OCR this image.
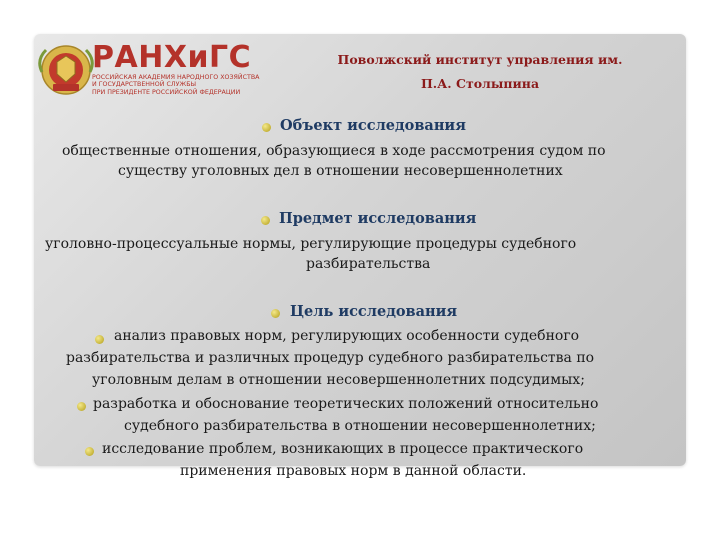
РАНХиГС
РОССИЙСКАЯ АКАДЕМИЯ НАРОДНОГО ХОЗЯЙСТВА
И ГОСУДАРСТВЕННОЙ СЛУЖБЫ
ПРИ ПРЕЗИДЕНТЕ РОССИЙСКОЙ ФЕДЕРАЦИИ
Поволжский институт управления им.
П.А. Столыпина
Объект исследования
общественные отношения, образующиеся в ходе рассмотрения судом по
существу уголовных дел в отношении несовершеннолетних
Предмет исследования
уголовно-процессуальные нормы, регулирующие процедуры судебного
разбирательства
Цель исследования
анализ правовых норм, регулирующих особенности судебного
разбирательства и различных процедур судебного разбирательства по
уголовным делам в отношении несовершеннолетних подсудимых;
разработка и обоснование теоретических положений относительно
судебного разбирательства в отношении несовершеннолетних;
исследование проблем, возникающих в процессе практического
применения правовых норм в данной области.
